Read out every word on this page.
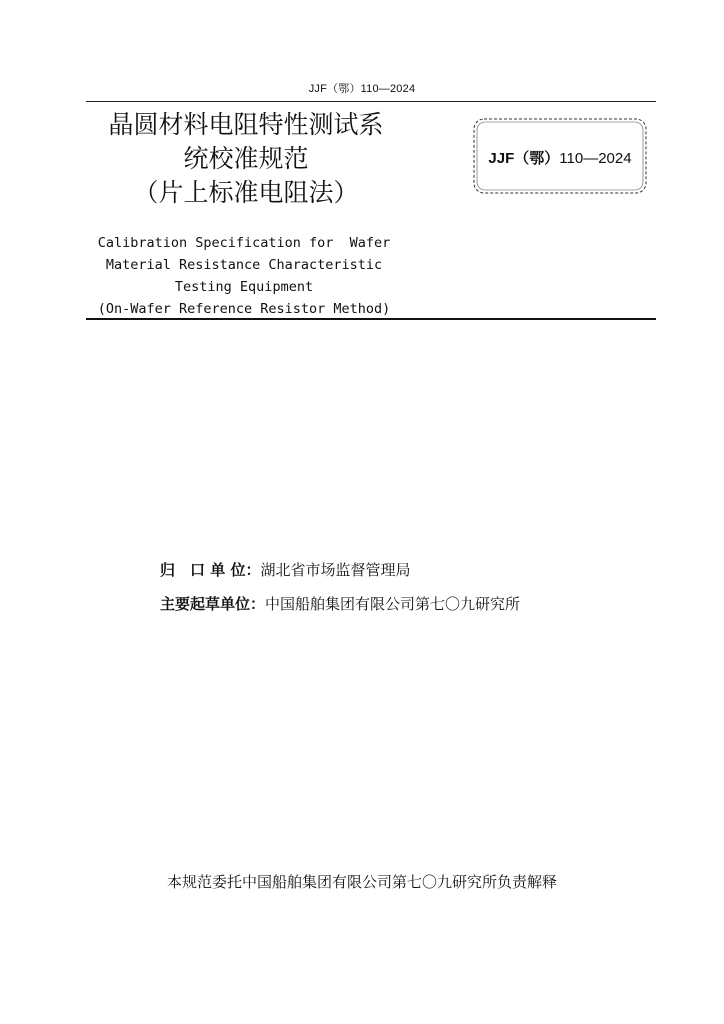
JJF（鄂）110—2024
晶圆材料电阻特性测试系
统校准规范
（片上标准电阻法）
JJF（鄂）110—2024
Calibration Specification for  Wafer
Material Resistance Characteristic
Testing Equipment
(On-Wafer Reference Resistor Method)
归　口 单 位：湖北省市场监督管理局
主要起草单位：中国船舶集团有限公司第七〇九研究所
本规范委托中国船舶集团有限公司第七〇九研究所负责解释
